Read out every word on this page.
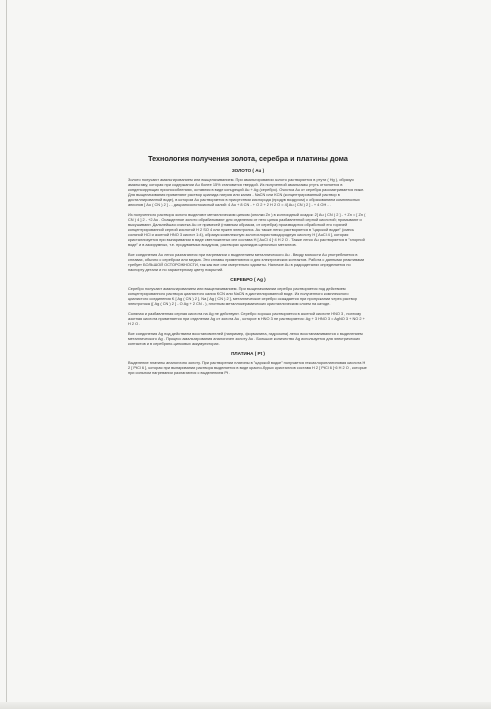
Технология получения золота, серебра и платины дома
ЗОЛОТО ( Au )

Золото получают амальгированием или выщелачиванием. При амальгировании золото растворяется в ртути ( Hg ), образуя амальгаму, которая при содержании Au более 15% становится твердой. Из полученной амальгамы ртуть отгоняется в конденсирующих приспособлениях, оставляя в виде концреций Au + Ag (серебро). Очистка Au от серебра рассматривается ниже. Для выщелачивания применяют раствор цианида натрия или калия - NaCN или KCN (концентрированный раствор в дистиллированной воде), в котором Au растворяется в присутствии кислорода (продув воздухом) с образованием комплексных анионов [ Au ( CN ) 2 ] - - дицианозолотокислый калий: 4 Au + 8 CN - + O 2 + 2 H 2 O = 4[ Au ( CN ) 2 ] - + 4 OH - .

Из полученного раствора золото выделяют металлическим цинком (опилки Zn ) в коллоидный осадок: 2[ Au ( CN ) 2 ] - + Zn = [ Zn ( CN ) 4 ] 2 - +2 Au . Осажденное золото обрабатывают для отделения от него цинка разбавленной серной кислотой; промывают и высушивают. Дальнейшая очистка Au от примесей (главным образом, от серебра) производится обработкой его горячей концентрированной серной кислотой H 2 SO 4 или нужен электролиз. Au также легко растворяется в "царской водке" (смесь соляной HCl и азотной HNO 3 кислот 1:4), образуя комплексную золотохлористоводородную кислоту H [ AuCl 4 ], которая кристаллизуется при выпаривании в виде светложелтых игл состава H [ AuCl 4 ]·4 H 2 O . Также легко Au растворяется в "хлорной воде" и в азоирумных, т.е. продуваемых воздухом, растворах цианидов щелочных металлов.

Все соединения Au легко разлагаются при нагревании с выделением металлического Au . Ввиду мягкости Au употребляется в сплавах, обычно с серебром или медью. Эти сплавы применяются и для электрических контактов. Работа с данными реактивами требует БОЛЬШОЙ ОСТОРОЖНОСТИ, так как все они смертельно ядовиты. Наличие Au в радиодеталях определяется по паспорту детали и по характерному цвету покрытий.

СЕРЕБРО ( Ag )

Серебро получают амальгированием или выщелачиванием. При выщелачивании серебро растворяется под действием концентрированного раствора цианистого калия KCN или NaCN в дистиллированной воде. Из полученного комплексного цианистого соединения K [ Ag ( CN ) 2 ], Na [ Ag ( CN ) 2 ], металлическое серебро осаждается при пропускании через раствор электротока ([ Ag ( CN ) 2 ] - О Ag + 2 CN - ), плотным металлокерамических кристаллическим слоем на катоде.

Соляная и разбавленная серная кислота на Ag не действуют. Серебро хорошо растворяется в азотной кислоте HNO 3 , поэтому азотная кислота применяется при отделении Ag от золота Au , которое в HNO 3 не растворяется: Ag + 3 HNO 3 = AgNO 3 + NO 2 + H 2 O .

Все соединения Ag под действием восстановителей (например, формалина, гидрозина) легко восстанавливаются с выделением металлического Ag . Процесс амальгирования аналогичен золоту Au . Большое количество Ag используется для электрических контактов и в серебряно-цинковых аккумуляторах.

ПЛАТИНА ( Pt )

Выделение платины аналогично золоту. При растворении платины в "царской водке" получается гексахлороплатиновая кислота H 2 [ PtCl 6 ], которая при выпаривании раствора выделяется в виде красно-бурых кристаллов состава H 2 [ PtCl 6 ]·6 H 2 O , которые при сильном нагревании разлагаются с выделением Pt .
